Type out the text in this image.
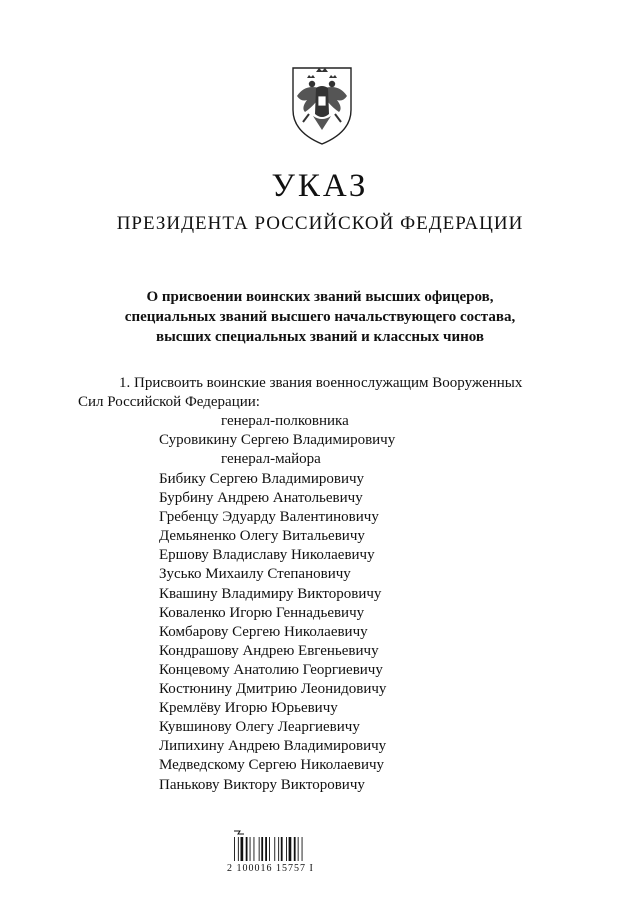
УКАЗ
ПРЕЗИДЕНТА РОССИЙСКОЙ ФЕДЕРАЦИИ
О присвоении воинских званий высших офицеров,
специальных званий высшего начальствующего состава,
высших специальных званий и классных чинов
1. Присвоить воинские звания военнослужащим Вооруженных
Сил Российской Федерации:
генерал-полковника
Суровикину Сергею Владимировичу
генерал-майора
Бибику Сергею Владимировичу
Бурбину Андрею Анатольевичу
Гребенцу Эдуарду Валентиновичу
Демьяненко Олегу Витальевичу
Ершову Владиславу Николаевичу
Зусько Михаилу Степановичу
Квашину Владимиру Викторовичу
Коваленко Игорю Геннадьевичу
Комбарову Сергею Николаевичу
Кондрашову Андрею Евгеньевичу
Концевому Анатолию Георгиевичу
Костюнину Дмитрию Леонидовичу
Кремлёву Игорю Юрьевичу
Кувшинову Олегу Леаргиевичу
Липихину Андрею Владимировичу
Медведскому Сергею Николаевичу
Панькову Виктору Викторовичу
2 100016 15757 I
